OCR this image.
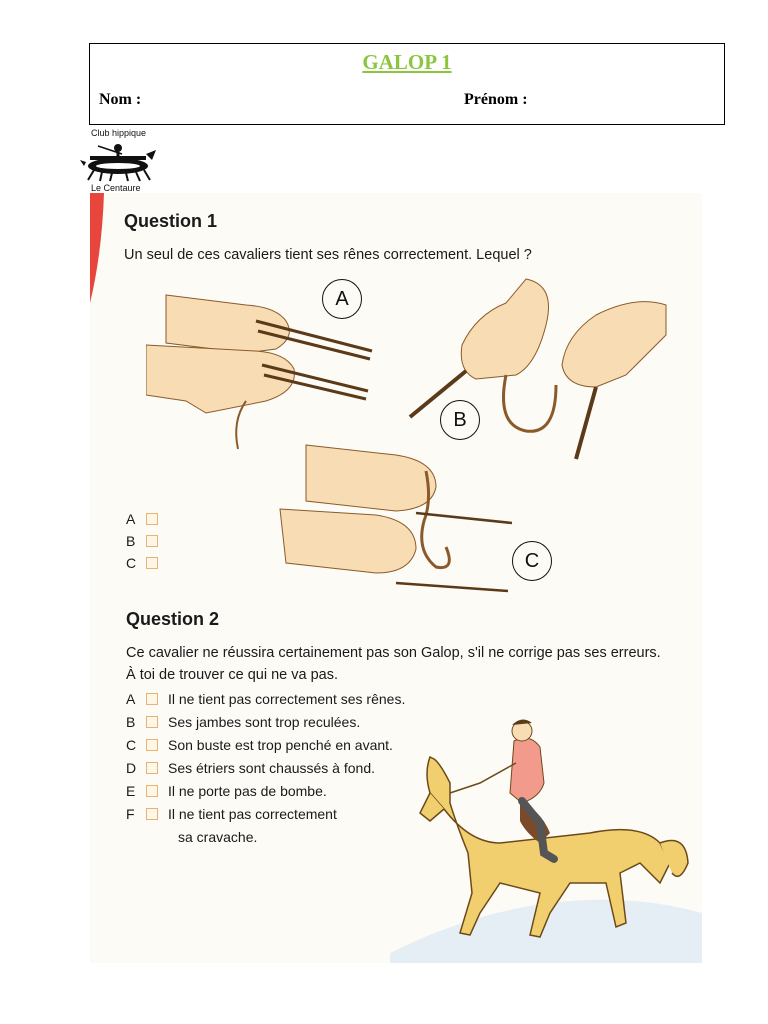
GALOP 1
Nom :	Prénom :
Club hippique
Le Centaure
Question 1
Un seul de ces cavaliers tient ses rênes correctement. Lequel ?
A
B
C
A
B
C
Question 2
Ce cavalier ne réussira certainement pas son Galop, s'il ne corrige pas ses erreurs.
À toi de trouver ce qui ne va pas.
A	Il ne tient pas correctement ses rênes.
B	Ses jambes sont trop reculées.
C	Son buste est trop penché en avant.
D	Ses étriers sont chaussés à fond.
E	Il ne porte pas de bombe.
F	Il ne tient pas correctement
sa cravache.
